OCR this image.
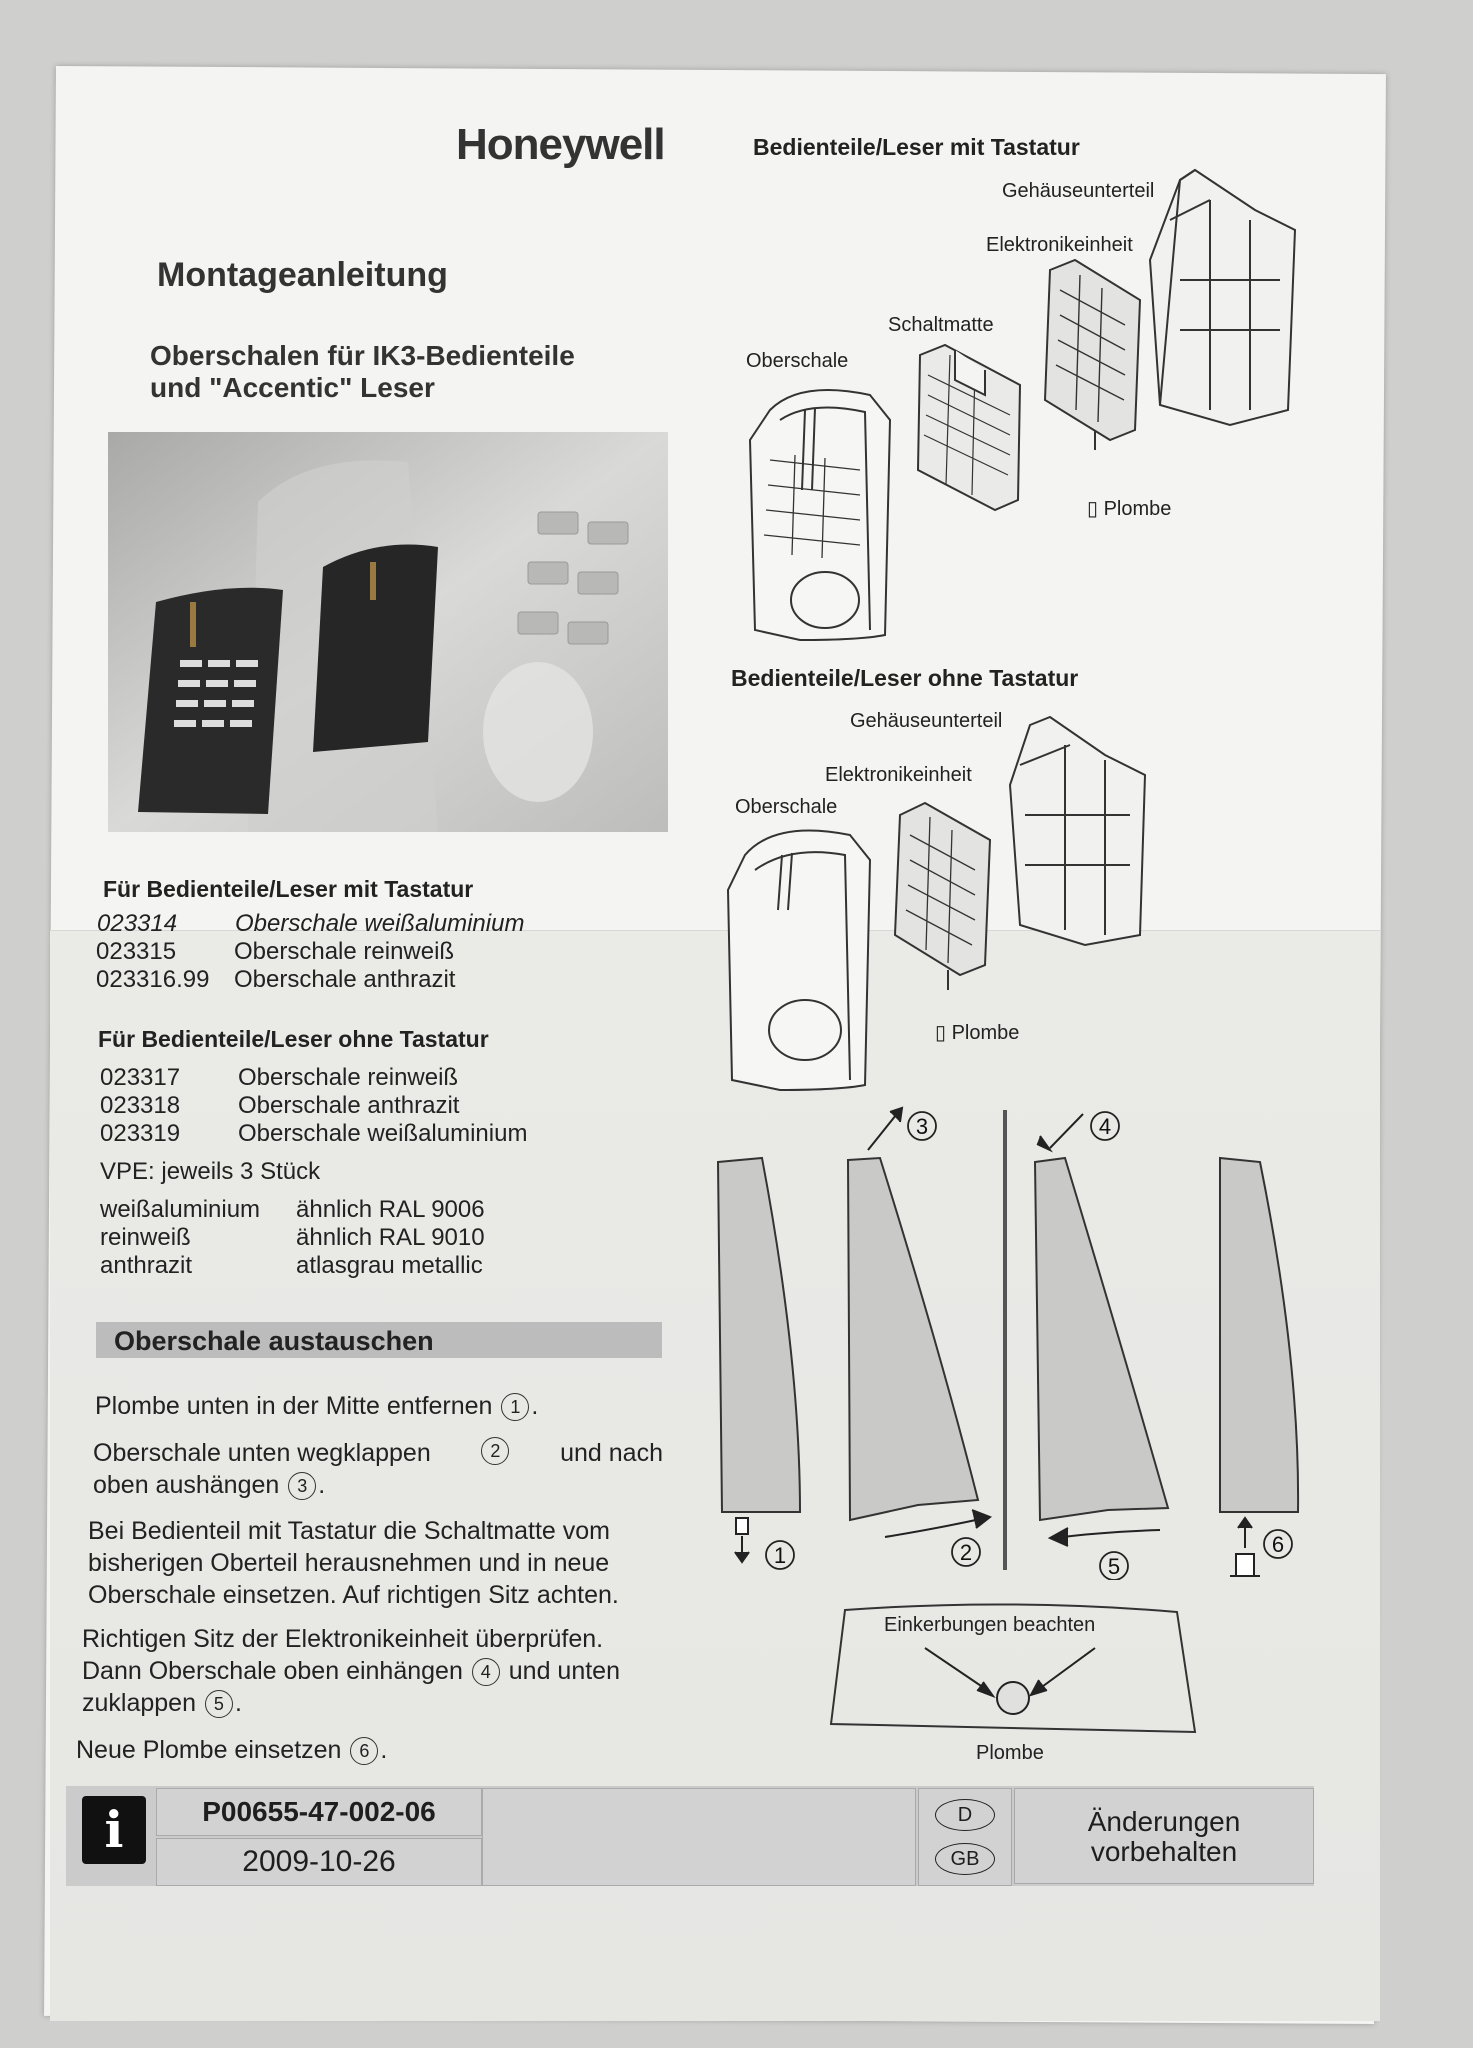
Honeywell
Montageanleitung
Oberschalen für IK3-Bedienteile
und "Accentic" Leser
Für Bedienteile/Leser mit Tastatur
023314 Oberschale weißaluminium
023315 Oberschale reinweiß
023316.99 Oberschale anthrazit
Für Bedienteile/Leser ohne Tastatur
023317 Oberschale reinweiß
023318 Oberschale anthrazit
023319 Oberschale weißaluminium
VPE: jeweils 3 Stück
weißaluminium ähnlich RAL 9006
reinweiß	ähnlich RAL 9010
anthrazit	atlasgrau metallic
Oberschale austauschen
Plombe unten in der Mitte entfernen 1 .
Oberschale unten wegklappen	2	und nach
oben aushängen 3 .
Bei Bedienteil mit Tastatur die Schaltmatte vom
bisherigen Oberteil herausnehmen und in neue
Oberschale einsetzen. Auf richtigen Sitz achten.
Richtigen Sitz der Elektronikeinheit überprüfen.
Dann Oberschale oben einhängen 4 und unten
zuklappen 5 .
Neue Plombe einsetzen 6 .
Bedienteile/Leser mit Tastatur
Gehäuseunterteil
Elektronikeinheit
Schaltmatte
Oberschale
▯ Plombe
Bedienteile/Leser ohne Tastatur
Gehäuseunterteil
Elektronikeinheit
Oberschale
▯ Plombe
1
3
2
4
5
6
Einkerbungen beachten
Plombe
i	P00655-47-002-06
2009-10-26
D
GB
Änderungen
vorbehalten
